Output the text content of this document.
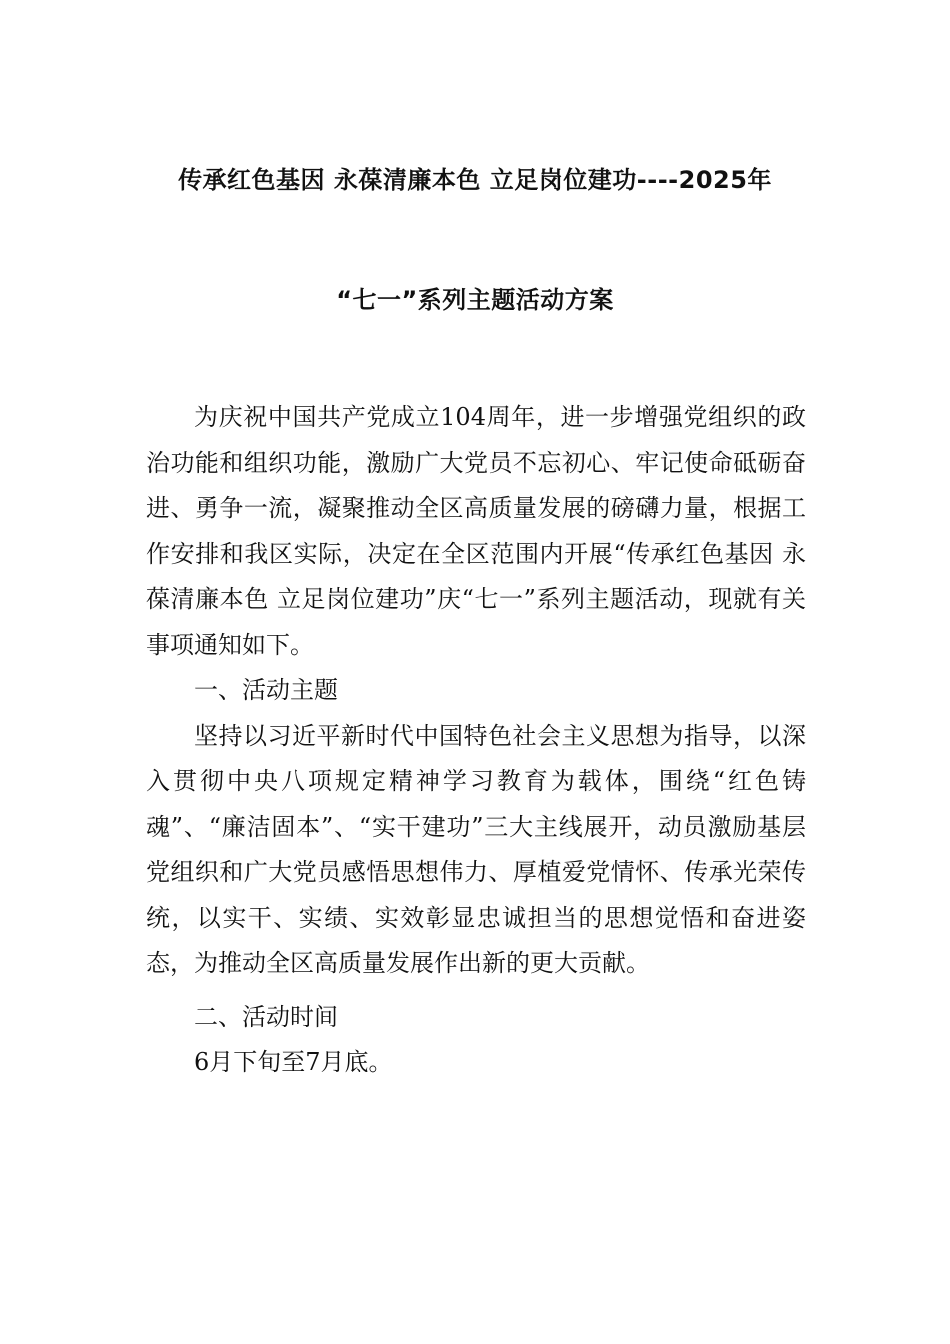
传承红色基因 永葆清廉本色 立足岗位建功----2025年
“七一”系列主题活动方案

为庆祝中国共产党成立104周年，进一步增强党组织的政治功能和组织功能，激励广大党员不忘初心、牢记使命砥砺奋进、勇争一流，凝聚推动全区高质量发展的磅礴力量，根据工作安排和我区实际，决定在全区范围内开展“传承红色基因 永葆清廉本色 立足岗位建功”庆“七一”系列主题活动，现就有关事项通知如下。

一、活动主题

坚持以习近平新时代中国特色社会主义思想为指导，以深入贯彻中央八项规定精神学习教育为载体，围绕“红色铸魂”、“廉洁固本”、“实干建功”三大主线展开，动员激励基层党组织和广大党员感悟思想伟力、厚植爱党情怀、传承光荣传统，以实干、实绩、实效彰显忠诚担当的思想觉悟和奋进姿态，为推动全区高质量发展作出新的更大贡献。

二、活动时间

6月下旬至7月底。
